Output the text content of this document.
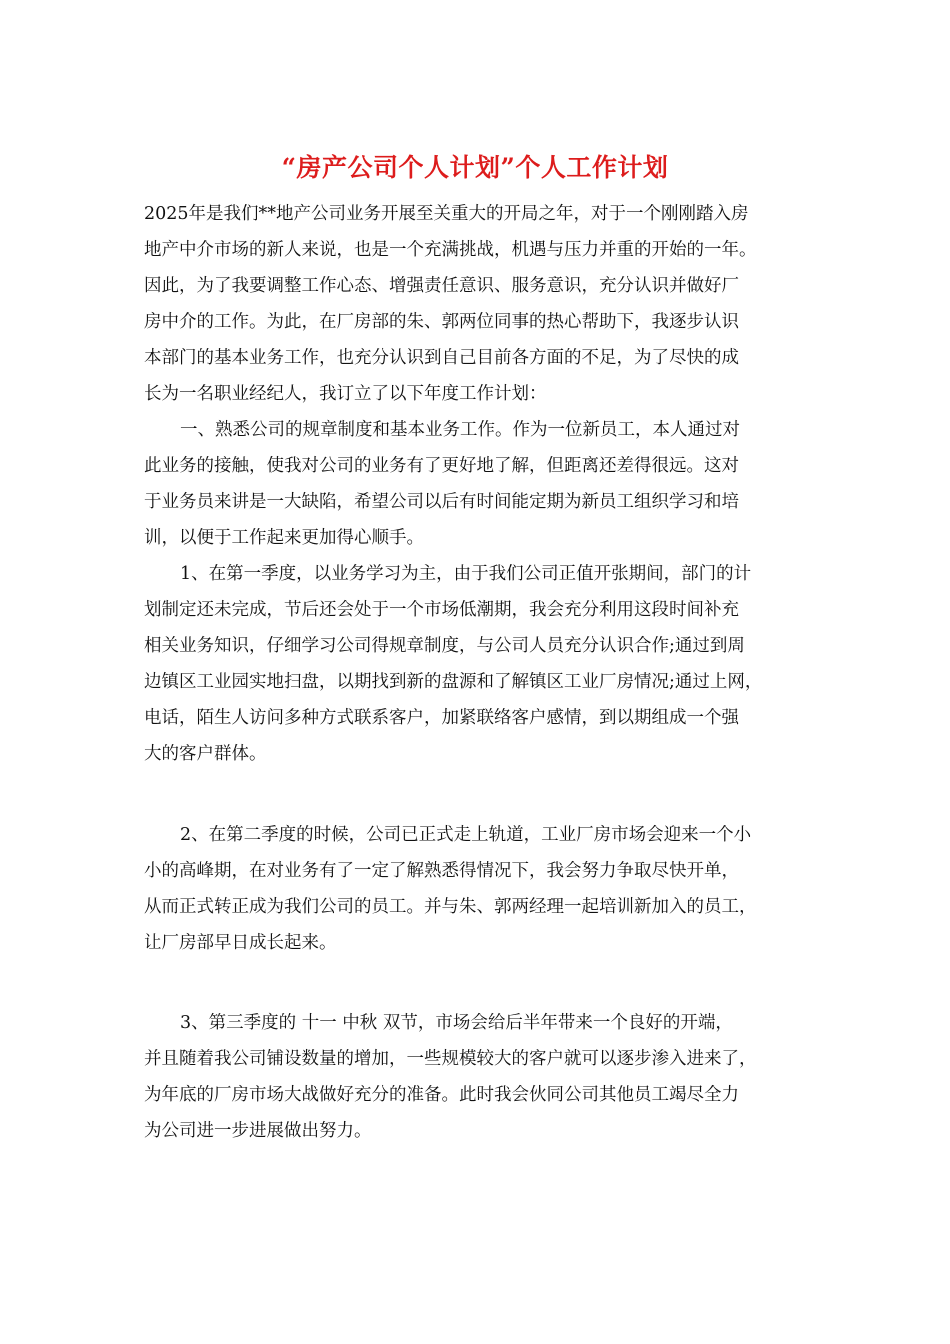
“房产公司个人计划”个人工作计划
2025年是我们**地产公司业务开展至关重大的开局之年，对于一个刚刚踏入房
地产中介市场的新人来说，也是一个充满挑战，机遇与压力并重的开始的一年。
因此，为了我要调整工作心态、增强责任意识、服务意识，充分认识并做好厂
房中介的工作。为此，在厂房部的朱、郭两位同事的热心帮助下，我逐步认识
本部门的基本业务工作，也充分认识到自己目前各方面的不足，为了尽快的成
长为一名职业经纪人，我订立了以下年度工作计划：
一、熟悉公司的规章制度和基本业务工作。作为一位新员工，本人通过对
此业务的接触，使我对公司的业务有了更好地了解，但距离还差得很远。这对
于业务员来讲是一大缺陷，希望公司以后有时间能定期为新员工组织学习和培
训，以便于工作起来更加得心顺手。
1、在第一季度，以业务学习为主，由于我们公司正值开张期间，部门的计
划制定还未完成，节后还会处于一个市场低潮期，我会充分利用这段时间补充
相关业务知识，仔细学习公司得规章制度，与公司人员充分认识合作;通过到周
边镇区工业园实地扫盘，以期找到新的盘源和了解镇区工业厂房情况;通过上网，
电话，陌生人访问多种方式联系客户，加紧联络客户感情，到以期组成一个强
大的客户群体。
2、在第二季度的时候，公司已正式走上轨道，工业厂房市场会迎来一个小
小的高峰期，在对业务有了一定了解熟悉得情况下，我会努力争取尽快开单，
从而正式转正成为我们公司的员工。并与朱、郭两经理一起培训新加入的员工，
让厂房部早日成长起来。
3、第三季度的 十一 中秋 双节，市场会给后半年带来一个良好的开端，
并且随着我公司铺设数量的增加，一些规模较大的客户就可以逐步渗入进来了，
为年底的厂房市场大战做好充分的准备。此时我会伙同公司其他员工竭尽全力
为公司进一步进展做出努力。
